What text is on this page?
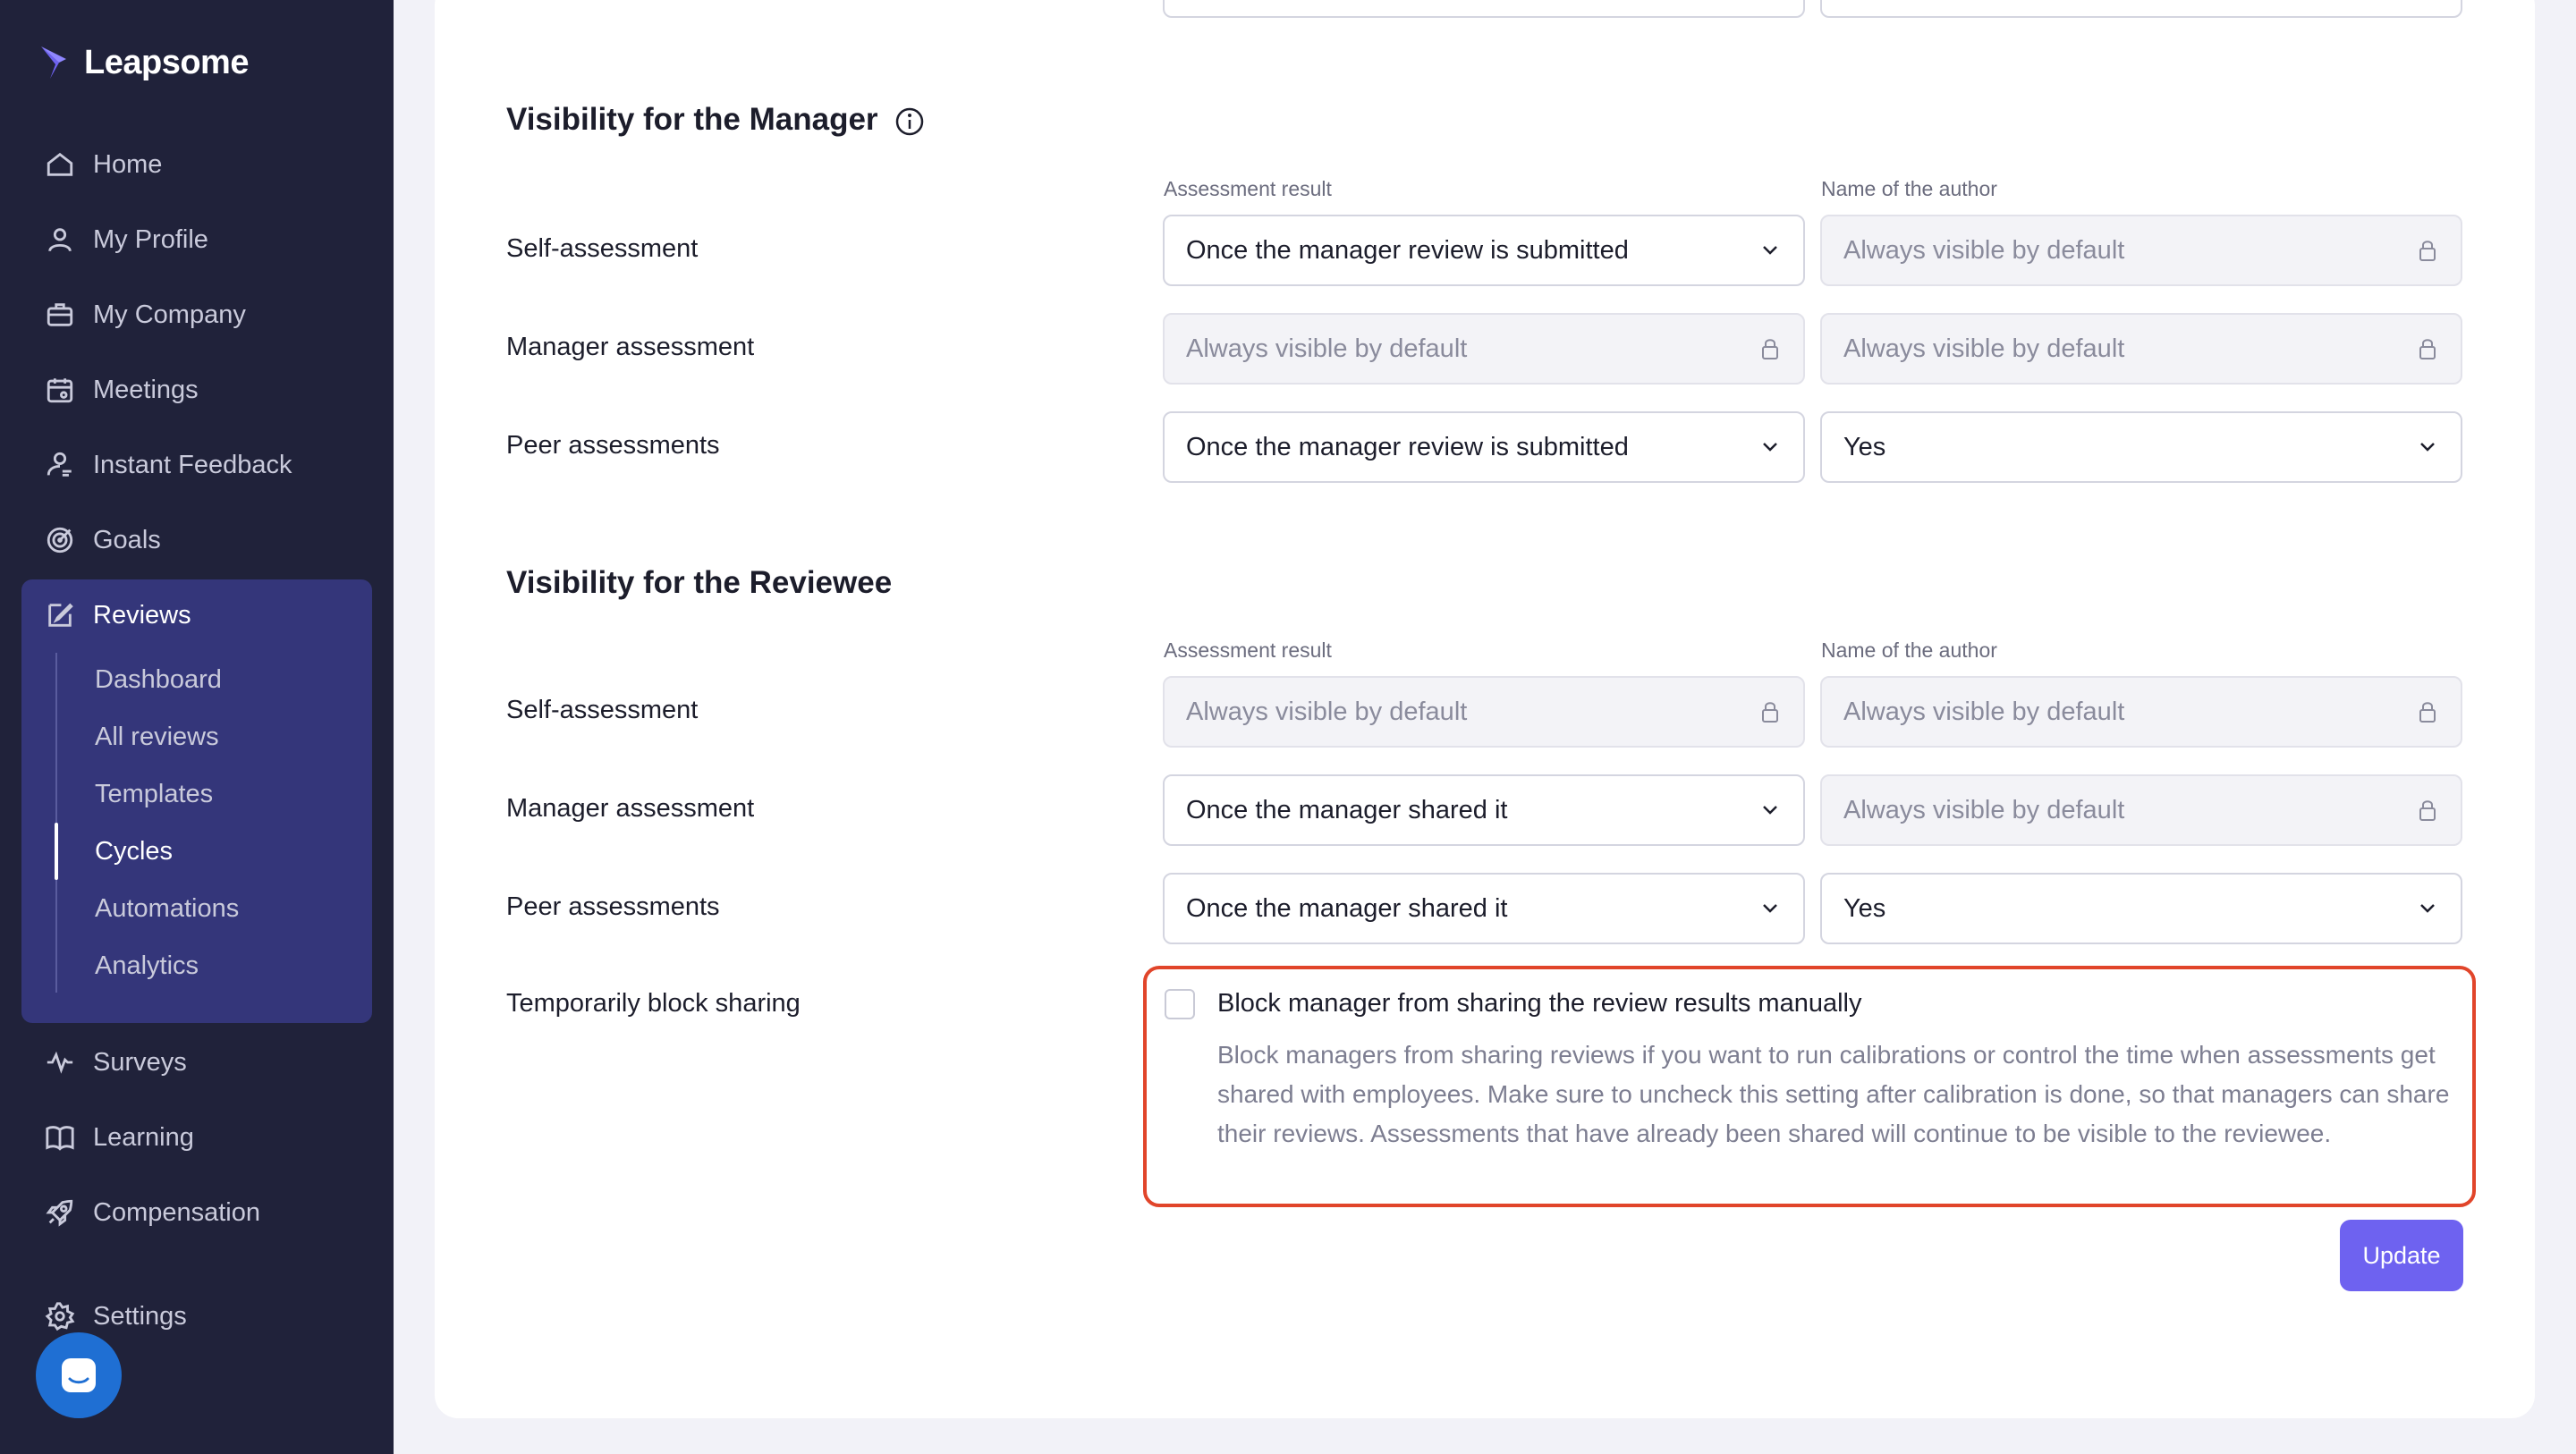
Leapsome
Home
My Profile
My Company
Meetings
Instant Feedback
Goals
Reviews
Dashboard
All reviews
Templates
Cycles
Automations
Analytics
Surveys
Learning
Compensation
Settings
Visibility for the Manager
Assessment result	Name of the author
Self-assessment	Once the manager review is submitted	Always visible by default
Manager assessment	Always visible by default	Always visible by default
Peer assessments	Once the manager review is submitted	Yes
Visibility for the Reviewee
Assessment result	Name of the author
Self-assessment	Always visible by default	Always visible by default
Manager assessment	Once the manager shared it	Always visible by default
Peer assessments	Once the manager shared it	Yes
Temporarily block sharing	Block manager from sharing the review results manually
Block managers from sharing reviews if you want to run calibrations or control the time when assessments get shared with employees. Make sure to uncheck this setting after calibration is done, so that managers can share their reviews. Assessments that have already been shared will continue to be visible to the reviewee.
Update
